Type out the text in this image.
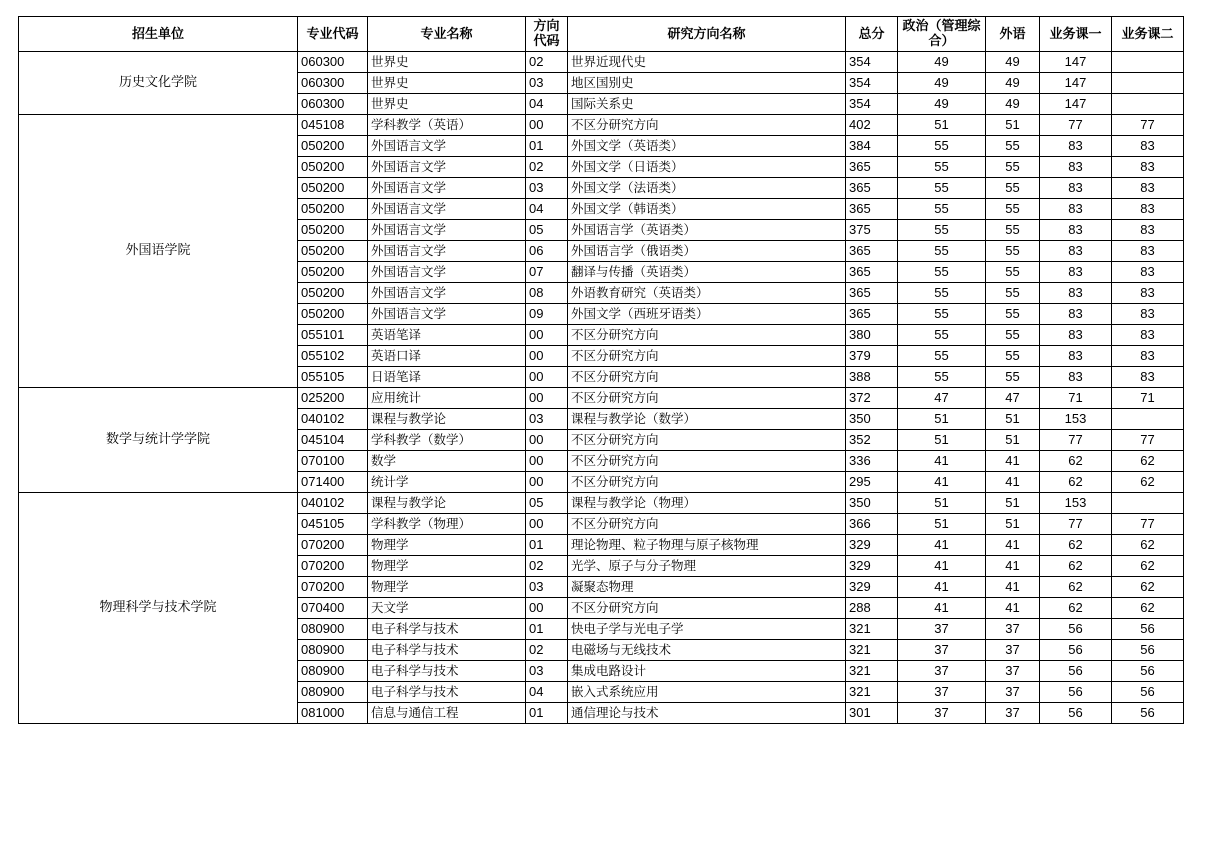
招生单位	专业代码	专业名称	方向代码	研究方向名称	总分	政治（管理综合）	外语	业务课一	业务课二
历史文化学院	060300	世界史	02	世界近现代史	354	49	49	147	
	060300	世界史	03	地区国别史	354	49	49	147	
	060300	世界史	04	国际关系史	354	49	49	147	
外国语学院	045108	学科教学（英语）	00	不区分研究方向	402	51	51	77	77
	050200	外国语言文学	01	外国文学（英语类）	384	55	55	83	83
	050200	外国语言文学	02	外国文学（日语类）	365	55	55	83	83
	050200	外国语言文学	03	外国文学（法语类）	365	55	55	83	83
	050200	外国语言文学	04	外国文学（韩语类）	365	55	55	83	83
	050200	外国语言文学	05	外国语言学（英语类）	375	55	55	83	83
	050200	外国语言文学	06	外国语言学（俄语类）	365	55	55	83	83
	050200	外国语言文学	07	翻译与传播（英语类）	365	55	55	83	83
	050200	外国语言文学	08	外语教育研究（英语类）	365	55	55	83	83
	050200	外国语言文学	09	外国文学（西班牙语类）	365	55	55	83	83
	055101	英语笔译	00	不区分研究方向	380	55	55	83	83
	055102	英语口译	00	不区分研究方向	379	55	55	83	83
	055105	日语笔译	00	不区分研究方向	388	55	55	83	83
数学与统计学学院	025200	应用统计	00	不区分研究方向	372	47	47	71	71
	040102	课程与教学论	03	课程与教学论（数学）	350	51	51	153	
	045104	学科教学（数学）	00	不区分研究方向	352	51	51	77	77
	070100	数学	00	不区分研究方向	336	41	41	62	62
	071400	统计学	00	不区分研究方向	295	41	41	62	62
物理科学与技术学院	040102	课程与教学论	05	课程与教学论（物理）	350	51	51	153	
	045105	学科教学（物理）	00	不区分研究方向	366	51	51	77	77
	070200	物理学	01	理论物理、粒子物理与原子核物理	329	41	41	62	62
	070200	物理学	02	光学、原子与分子物理	329	41	41	62	62
	070200	物理学	03	凝聚态物理	329	41	41	62	62
	070400	天文学	00	不区分研究方向	288	41	41	62	62
	080900	电子科学与技术	01	快电子学与光电子学	321	37	37	56	56
	080900	电子科学与技术	02	电磁场与无线技术	321	37	37	56	56
	080900	电子科学与技术	03	集成电路设计	321	37	37	56	56
	080900	电子科学与技术	04	嵌入式系统应用	321	37	37	56	56
	081000	信息与通信工程	01	通信理论与技术	301	37	37	56	56
